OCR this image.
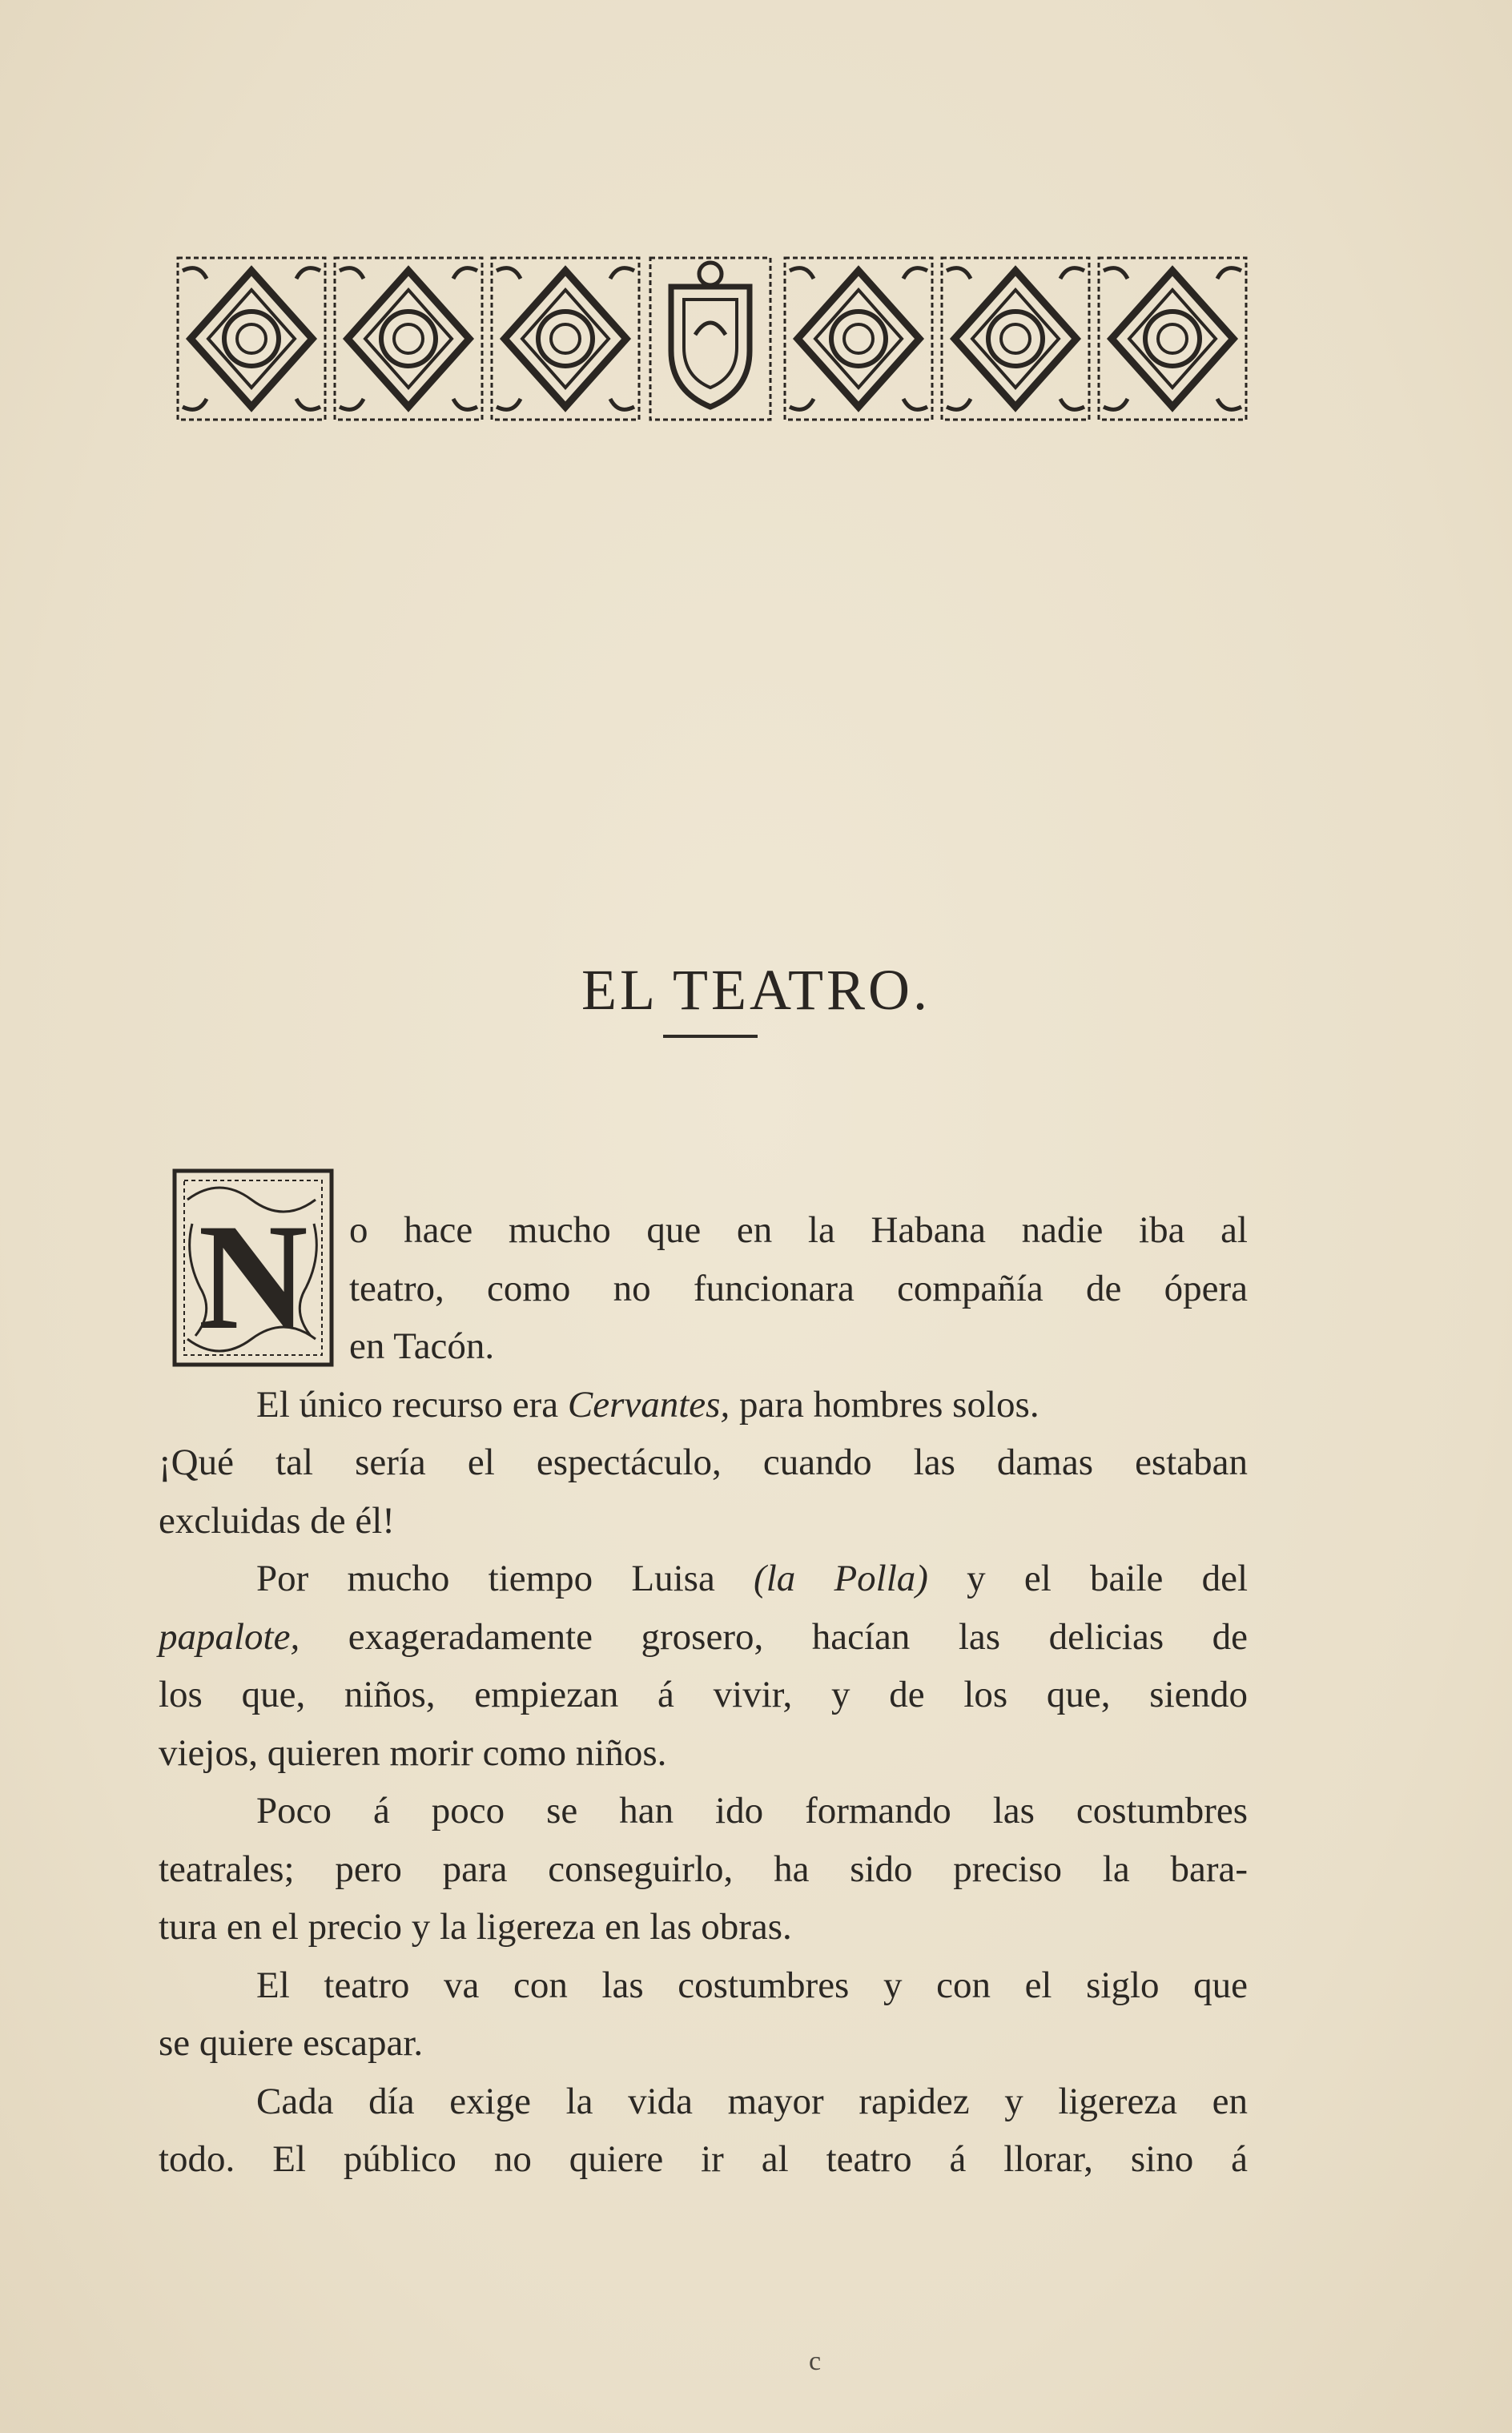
EL TEATRO.
N	o hace mucho que en la Habana nadie iba al
teatro, como no funcionara compañía de ópera
en Tacón.
El único recurso era Cervantes, para hombres solos.
¡Qué tal sería el espectáculo, cuando las damas estaban
excluidas de él!
Por mucho tiempo Luisa (la Polla) y el baile del
papalote, exageradamente grosero, hacían las delicias de
los que, niños, empiezan á vivir, y de los que, siendo
viejos, quieren morir como niños.
Poco á poco se han ido formando las costumbres
teatrales; pero para conseguirlo, ha sido preciso la bara-
tura en el precio y la ligereza en las obras.
El teatro va con las costumbres y con el siglo que
se quiere escapar.
Cada día exige la vida mayor rapidez y ligereza en
todo. El público no quiere ir al teatro á llorar, sino á
c
